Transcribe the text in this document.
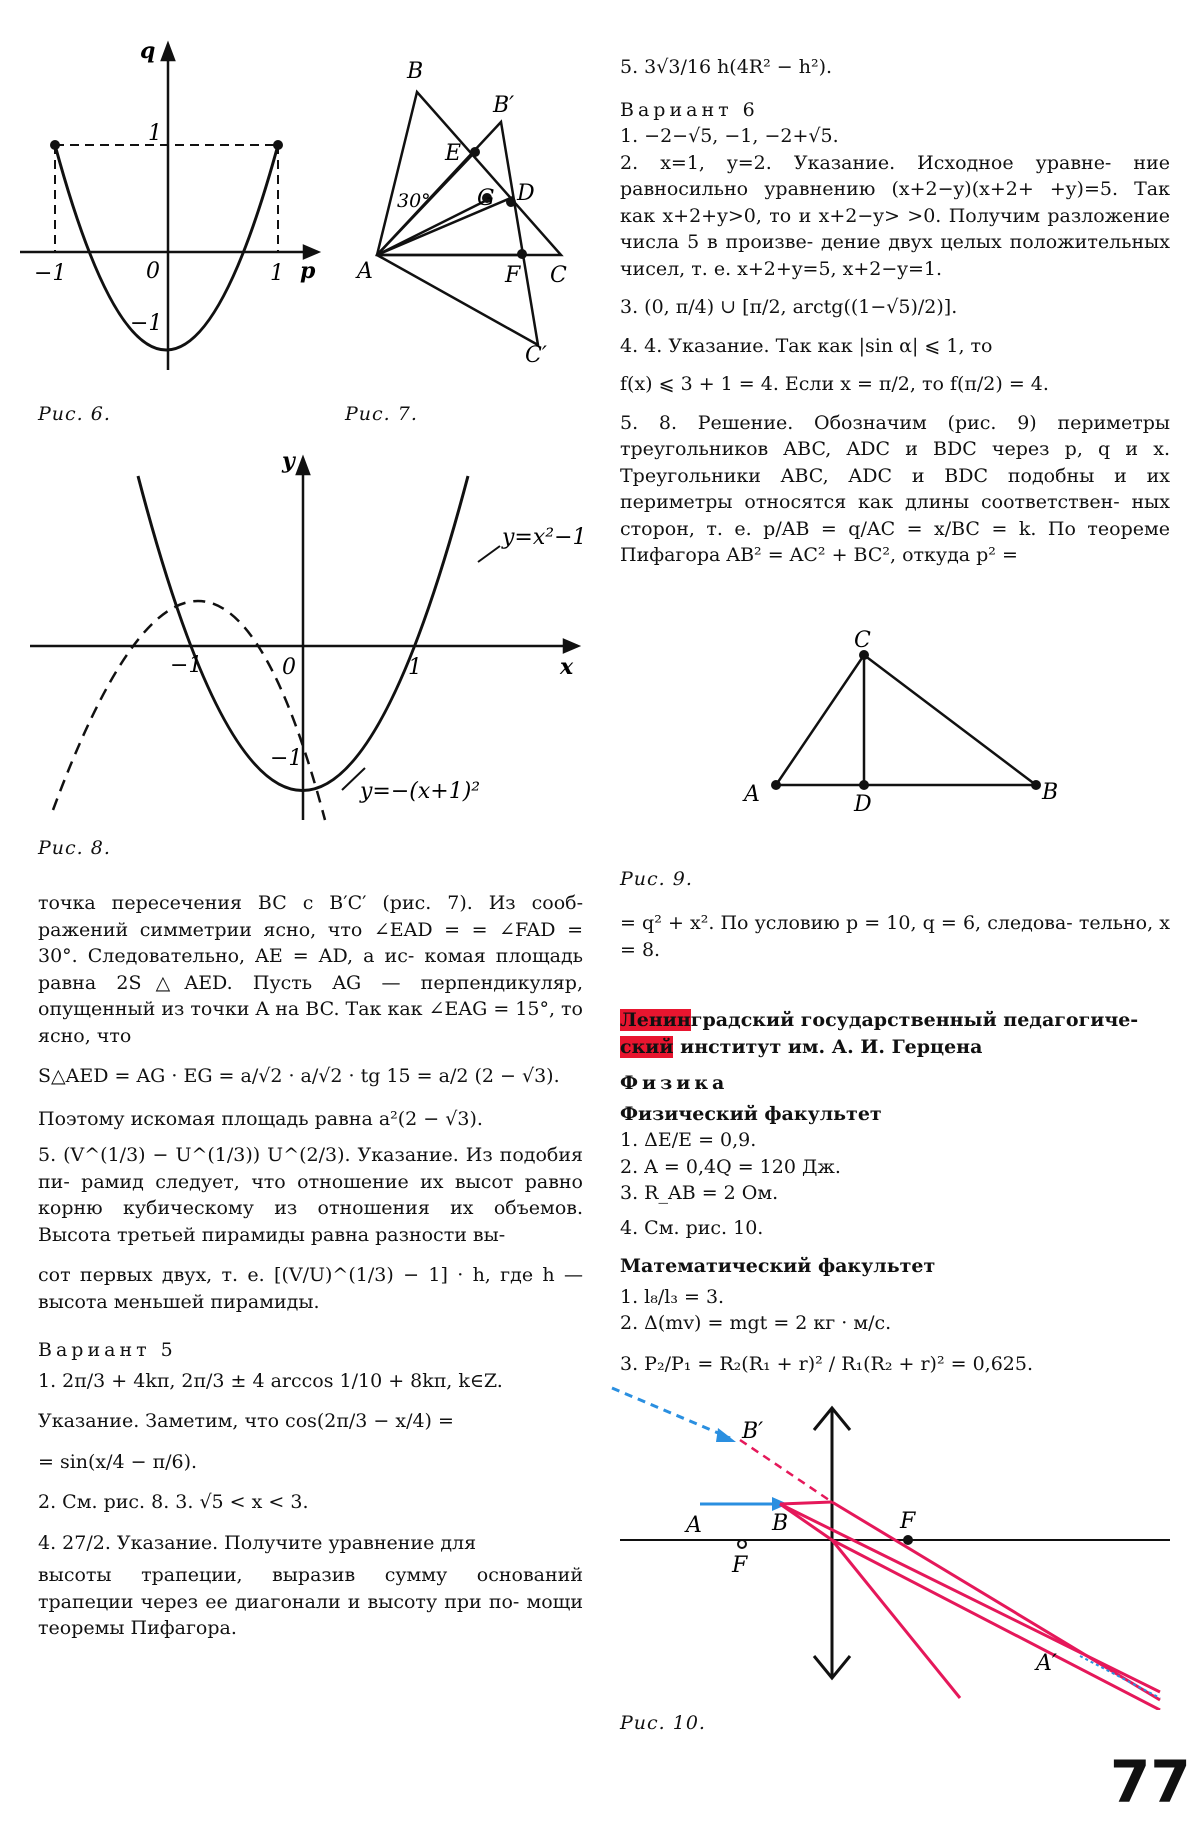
q
p
1
−1
0	1
−1
Рис. 6.
B
B′
E
G D
30°
A	F C
C′
Рис. 7.
y
x
y=x²−1
y=−(x+1)²
−1	0	1
−1
Рис. 8.

точка пересечения BC с B′C′ (рис. 7). Из сооб- ражений симметрии ясно, что ∠EAD = = ∠FAD = 30°. Следовательно, AE = AD, а ис- комая площадь равна 2S△AED. Пусть AG — перпендикуляр, опущенный из точки A на BC. Так как ∠EAG = 15°, то ясно, что

S△AED = AG · EG = a/√2 · a/√2 · tg 15 = a/2 (2 − √3).

Поэтому искомая площадь равна a²(2 − √3).

5. (V^(1/3) − U^(1/3)) U^(2/3). Указание. Из подобия пи- рамид следует, что отношение их высот равно корню кубическому из отношения их объемов. Высота третьей пирамиды равна разности вы-

сот первых двух, т. е. [(V/U)^(1/3) − 1] · h, где h — высота меньшей пирамиды.

Вариант 5

1. 2π/3 + 4kπ, 2π/3 ± 4 arccos 1/10 + 8kπ, k∈Z.

Указание. Заметим, что cos(2π/3 − x/4) =

= sin(x/4 − π/6).

2. См. рис. 8. 3. √5 < x < 3.

4. 27/2. Указание. Получите уравнение для

высоты трапеции, выразив сумму оснований трапеции через ее диагонали и высоту при по- мощи теоремы Пифагора.

5. 3√3/16 h(4R² − h²).

Вариант 6

1. −2−√5, −1, −2+√5.

2. x=1, y=2. Указание. Исходное уравне- ние равносильно уравнению (x+2−y)(x+2+ +y)=5. Так как x+2+y>0, то и x+2−y> >0. Получим разложение числа 5 в произве- дение двух целых положительных чисел, т. е. x+2+y=5, x+2−y=1.

3. (0, π/4) ∪ [π/2, arctg((1−√5)/2)].

4. 4. Указание. Так как |sin α| ⩽ 1, то

f(x) ⩽ 3 + 1 = 4. Если x = π/2, то f(π/2) = 4.

5. 8. Решение. Обозначим (рис. 9) периметры треугольников ABC, ADC и BDC через p, q и x. Треугольники ABC, ADC и BDC подобны и их периметры относятся как длины соответствен- ных сторон, т. е. p/AB = q/AC = x/BC = k. По теореме Пифагора AB² = AC² + BC², откуда p² =

C
A	D	B
Рис. 9.

= q² + x². По условию p = 10, q = 6, следова- тельно, x = 8.

Ленинградский государственный педагогиче-

ский институт им. А. И. Герцена

Физика

Физический факультет

1. ΔE/E = 0,9.

2. A = 0,4Q = 120 Дж.

3. R_AB = 2 Ом.

4. См. рис. 10.

Математический факультет

1. l₈/l₃ = 3.

2. Δ(mv) = mgt = 2 кг · м/с.

3. P₂/P₁ = R₂(R₁ + r)² / R₁(R₂ + r)² = 0,625.

B′
A	B	F
F
A′
Рис. 10.
77
